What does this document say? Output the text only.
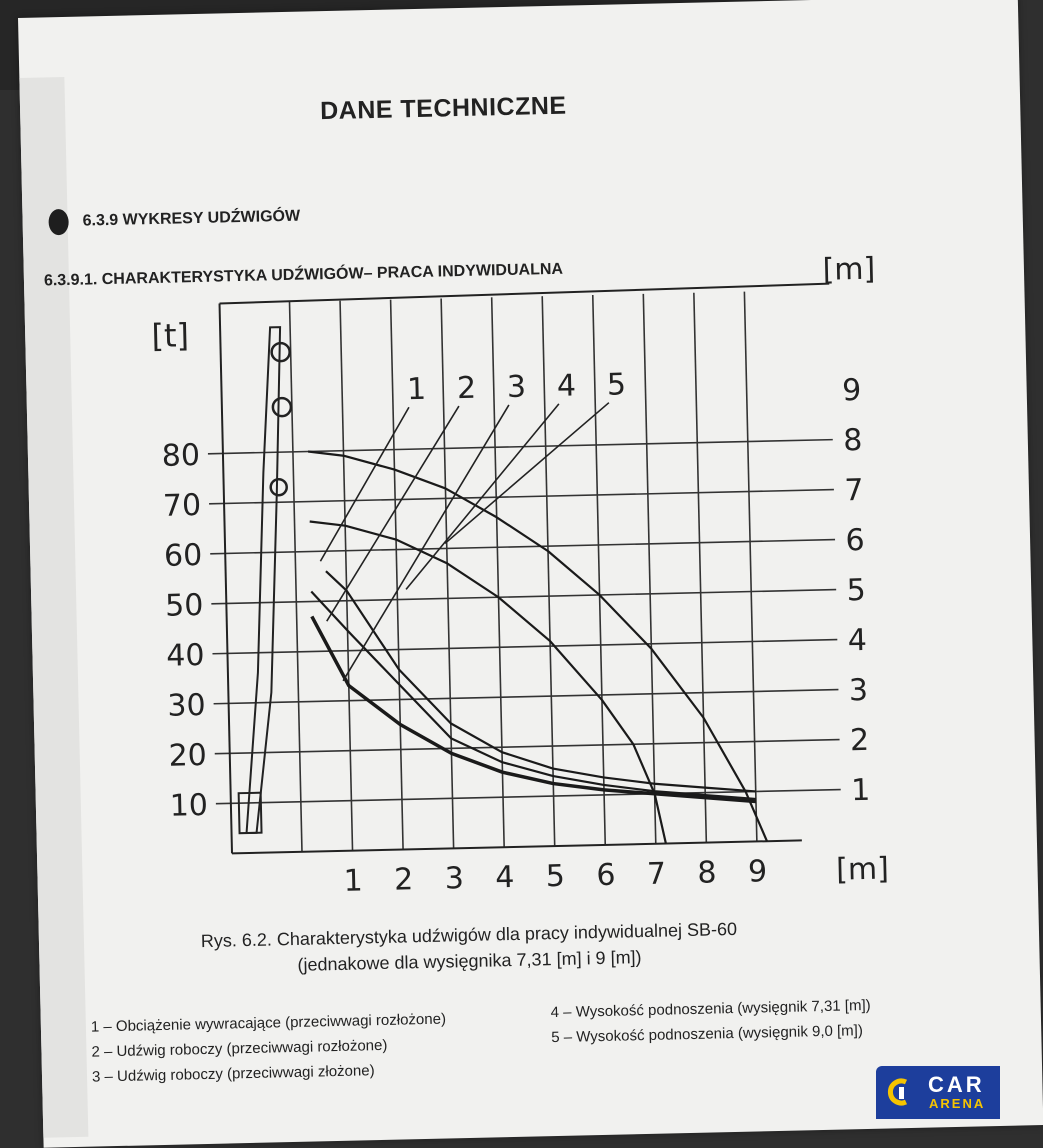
DANE TECHNICZNE
6.3.9 WYKRESY UDŹWIGÓW
6.3.9.1. CHARAKTERYSTYKA UDŹWIGÓW– PRACA INDYWIDUALNA
10
20
30
40
50
60
70
80
1
2
3
4
5
6
7
8
9
1 2 3 4 5 6 7 8 9
[t]
[m]
[m]
1 2 3 4 5
Rys. 6.2. Charakterystyka udźwigów dla pracy indywidualnej SB-60
(jednakowe dla wysięgnika 7,31 [m] i 9 [m])
1 – Obciążenie wywracające (przeciwwagi rozłożone)
2 – Udźwig roboczy (przeciwwagi rozłożone)
3 – Udźwig roboczy (przeciwwagi złożone)
4 – Wysokość podnoszenia (wysięgnik 7,31 [m])
5 – Wysokość podnoszenia (wysięgnik 9,0 [m])
CAR
ARENA
